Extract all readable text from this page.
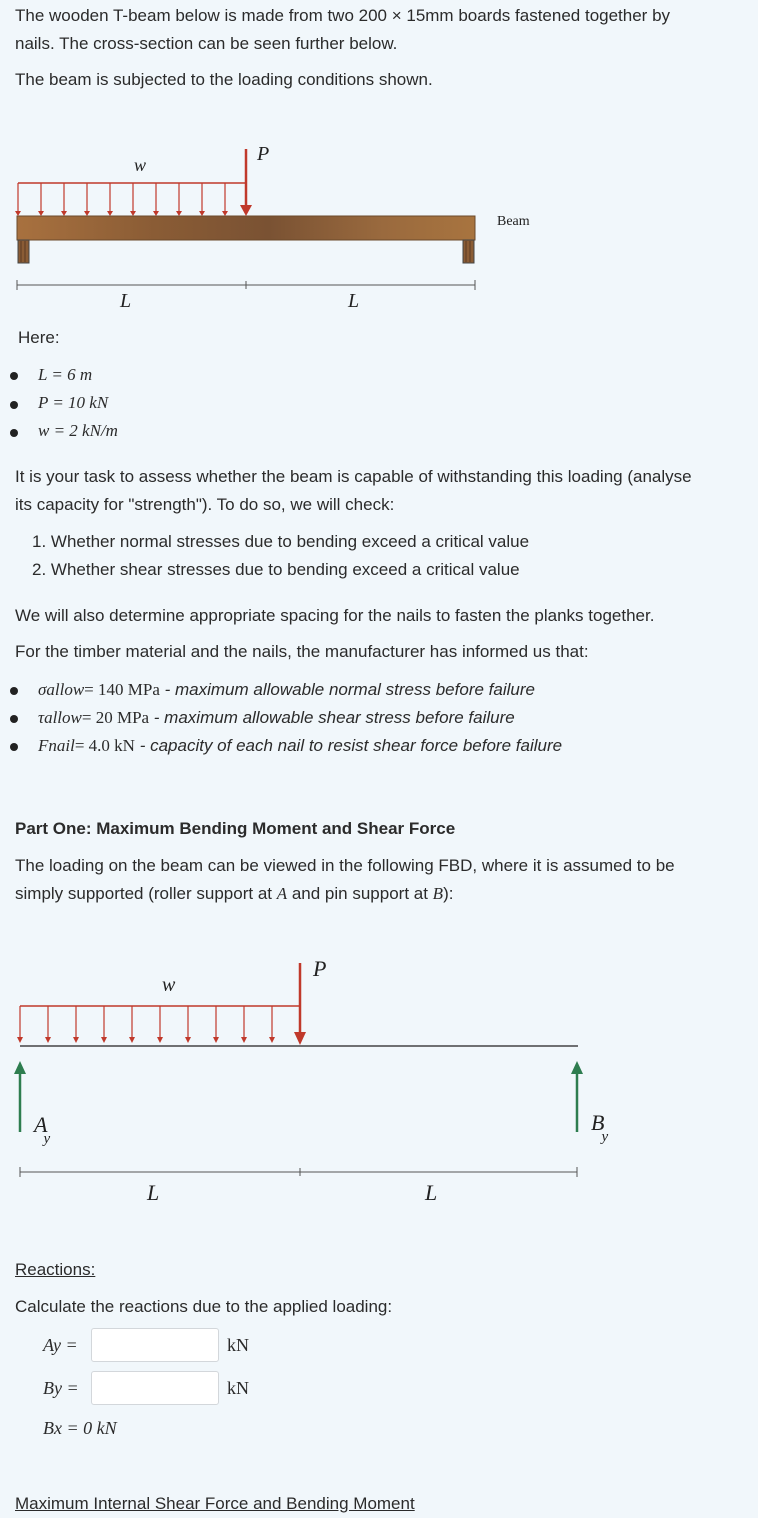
The wooden T-beam below is made from two 200 × 15mm boards fastened together by

nails. The cross-section can be seen further below.

The beam is subjected to the loading conditions shown.

w	P
Beam
L	L

Here:

L = 6 m
P = 10 kN
w = 2 kN/m

It is your task to assess whether the beam is capable of withstanding this loading (analyse

its capacity for "strength"). To do so, we will check:

1. Whether normal stresses due to bending exceed a critical value

2. Whether shear stresses due to bending exceed a critical value

We will also determine appropriate spacing for the nails to fasten the planks together.

For the timber material and the nails, the manufacturer has informed us that:

σallow= 140 MPa - maximum allowable normal stress before failure
τallow= 20 MPa - maximum allowable shear stress before failure
Fnail= 4.0 kN - capacity of each nail to resist shear force before failure

Part One: Maximum Bending Moment and Shear Force

The loading on the beam can be viewed in the following FBD, where it is assumed to be

simply supported (roller support at A and pin support at B):

w
P
A y
B y
L	L

Reactions:

Calculate the reactions due to the applied loading:

Ay =	kN
By =	kN
Bx = 0 kN

Maximum Internal Shear Force and Bending Moment
